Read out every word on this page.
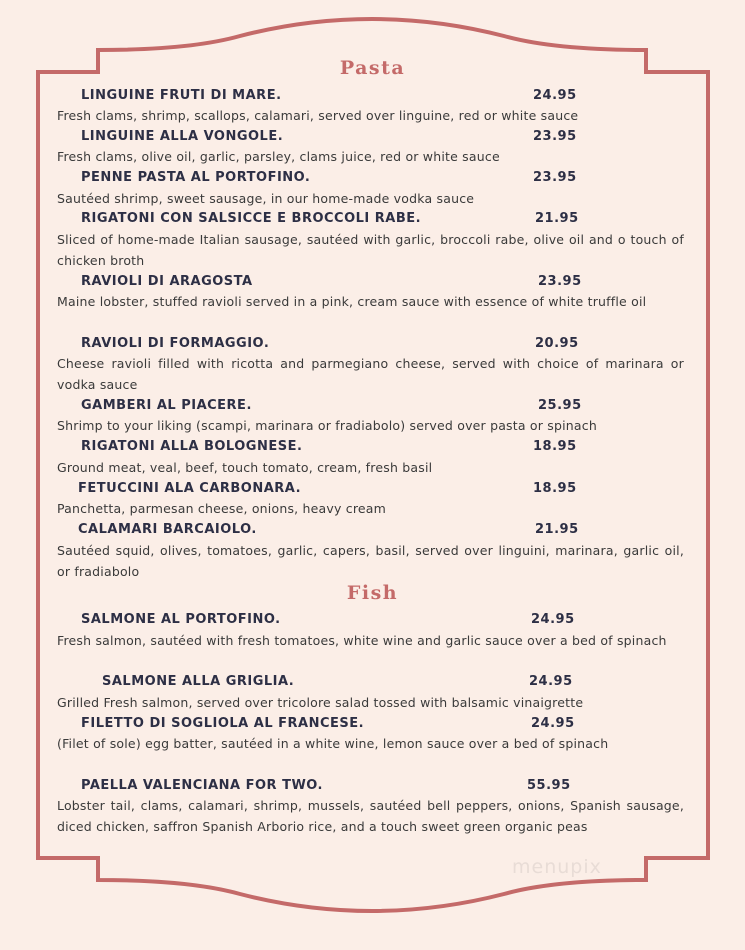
Pasta
LINGUINE FRUTI DI MARE.	24.95
Fresh clams, shrimp, scallops, calamari, served over linguine, red or white sauce
LINGUINE ALLA VONGOLE.	23.95
Fresh clams, olive oil, garlic, parsley, clams juice, red or white sauce
PENNE PASTA AL PORTOFINO.	23.95
Sautéed shrimp, sweet sausage, in our home-made vodka sauce
RIGATONI CON SALSICCE E BROCCOLI RABE.	21.95
Sliced of home-made Italian sausage, sautéed with garlic, broccoli rabe, olive oil and o touch of chicken broth
RAVIOLI DI ARAGOSTA	23.95
Maine lobster, stuffed ravioli served in a pink, cream sauce with essence of white truffle oil
RAVIOLI DI FORMAGGIO.	20.95
Cheese ravioli filled with ricotta and parmegiano cheese, served with choice of marinara or vodka sauce
GAMBERI AL PIACERE.	25.95
Shrimp to your liking (scampi, marinara or fradiabolo) served over pasta or spinach
RIGATONI ALLA BOLOGNESE.	18.95
Ground meat, veal, beef, touch tomato, cream, fresh basil
FETUCCINI ALA CARBONARA.	18.95
Panchetta, parmesan cheese, onions, heavy cream
CALAMARI BARCAIOLO.	21.95
Sautéed squid, olives, tomatoes, garlic, capers, basil, served over linguini, marinara, garlic oil, or fradiabolo
Fish
SALMONE AL PORTOFINO.	24.95
Fresh salmon, sautéed with fresh tomatoes, white wine and garlic sauce over a bed of spinach
SALMONE ALLA GRIGLIA.	24.95
Grilled Fresh salmon, served over tricolore salad tossed with balsamic vinaigrette
FILETTO DI SOGLIOLA AL FRANCESE.	24.95
(Filet of sole) egg batter, sautéed in a white wine, lemon sauce over a bed of spinach
PAELLA VALENCIANA FOR TWO.	55.95
Lobster tail, clams, calamari, shrimp, mussels, sautéed bell peppers, onions, Spanish sausage, diced chicken, saffron Spanish Arborio rice, and a touch sweet green organic peas
menupix
